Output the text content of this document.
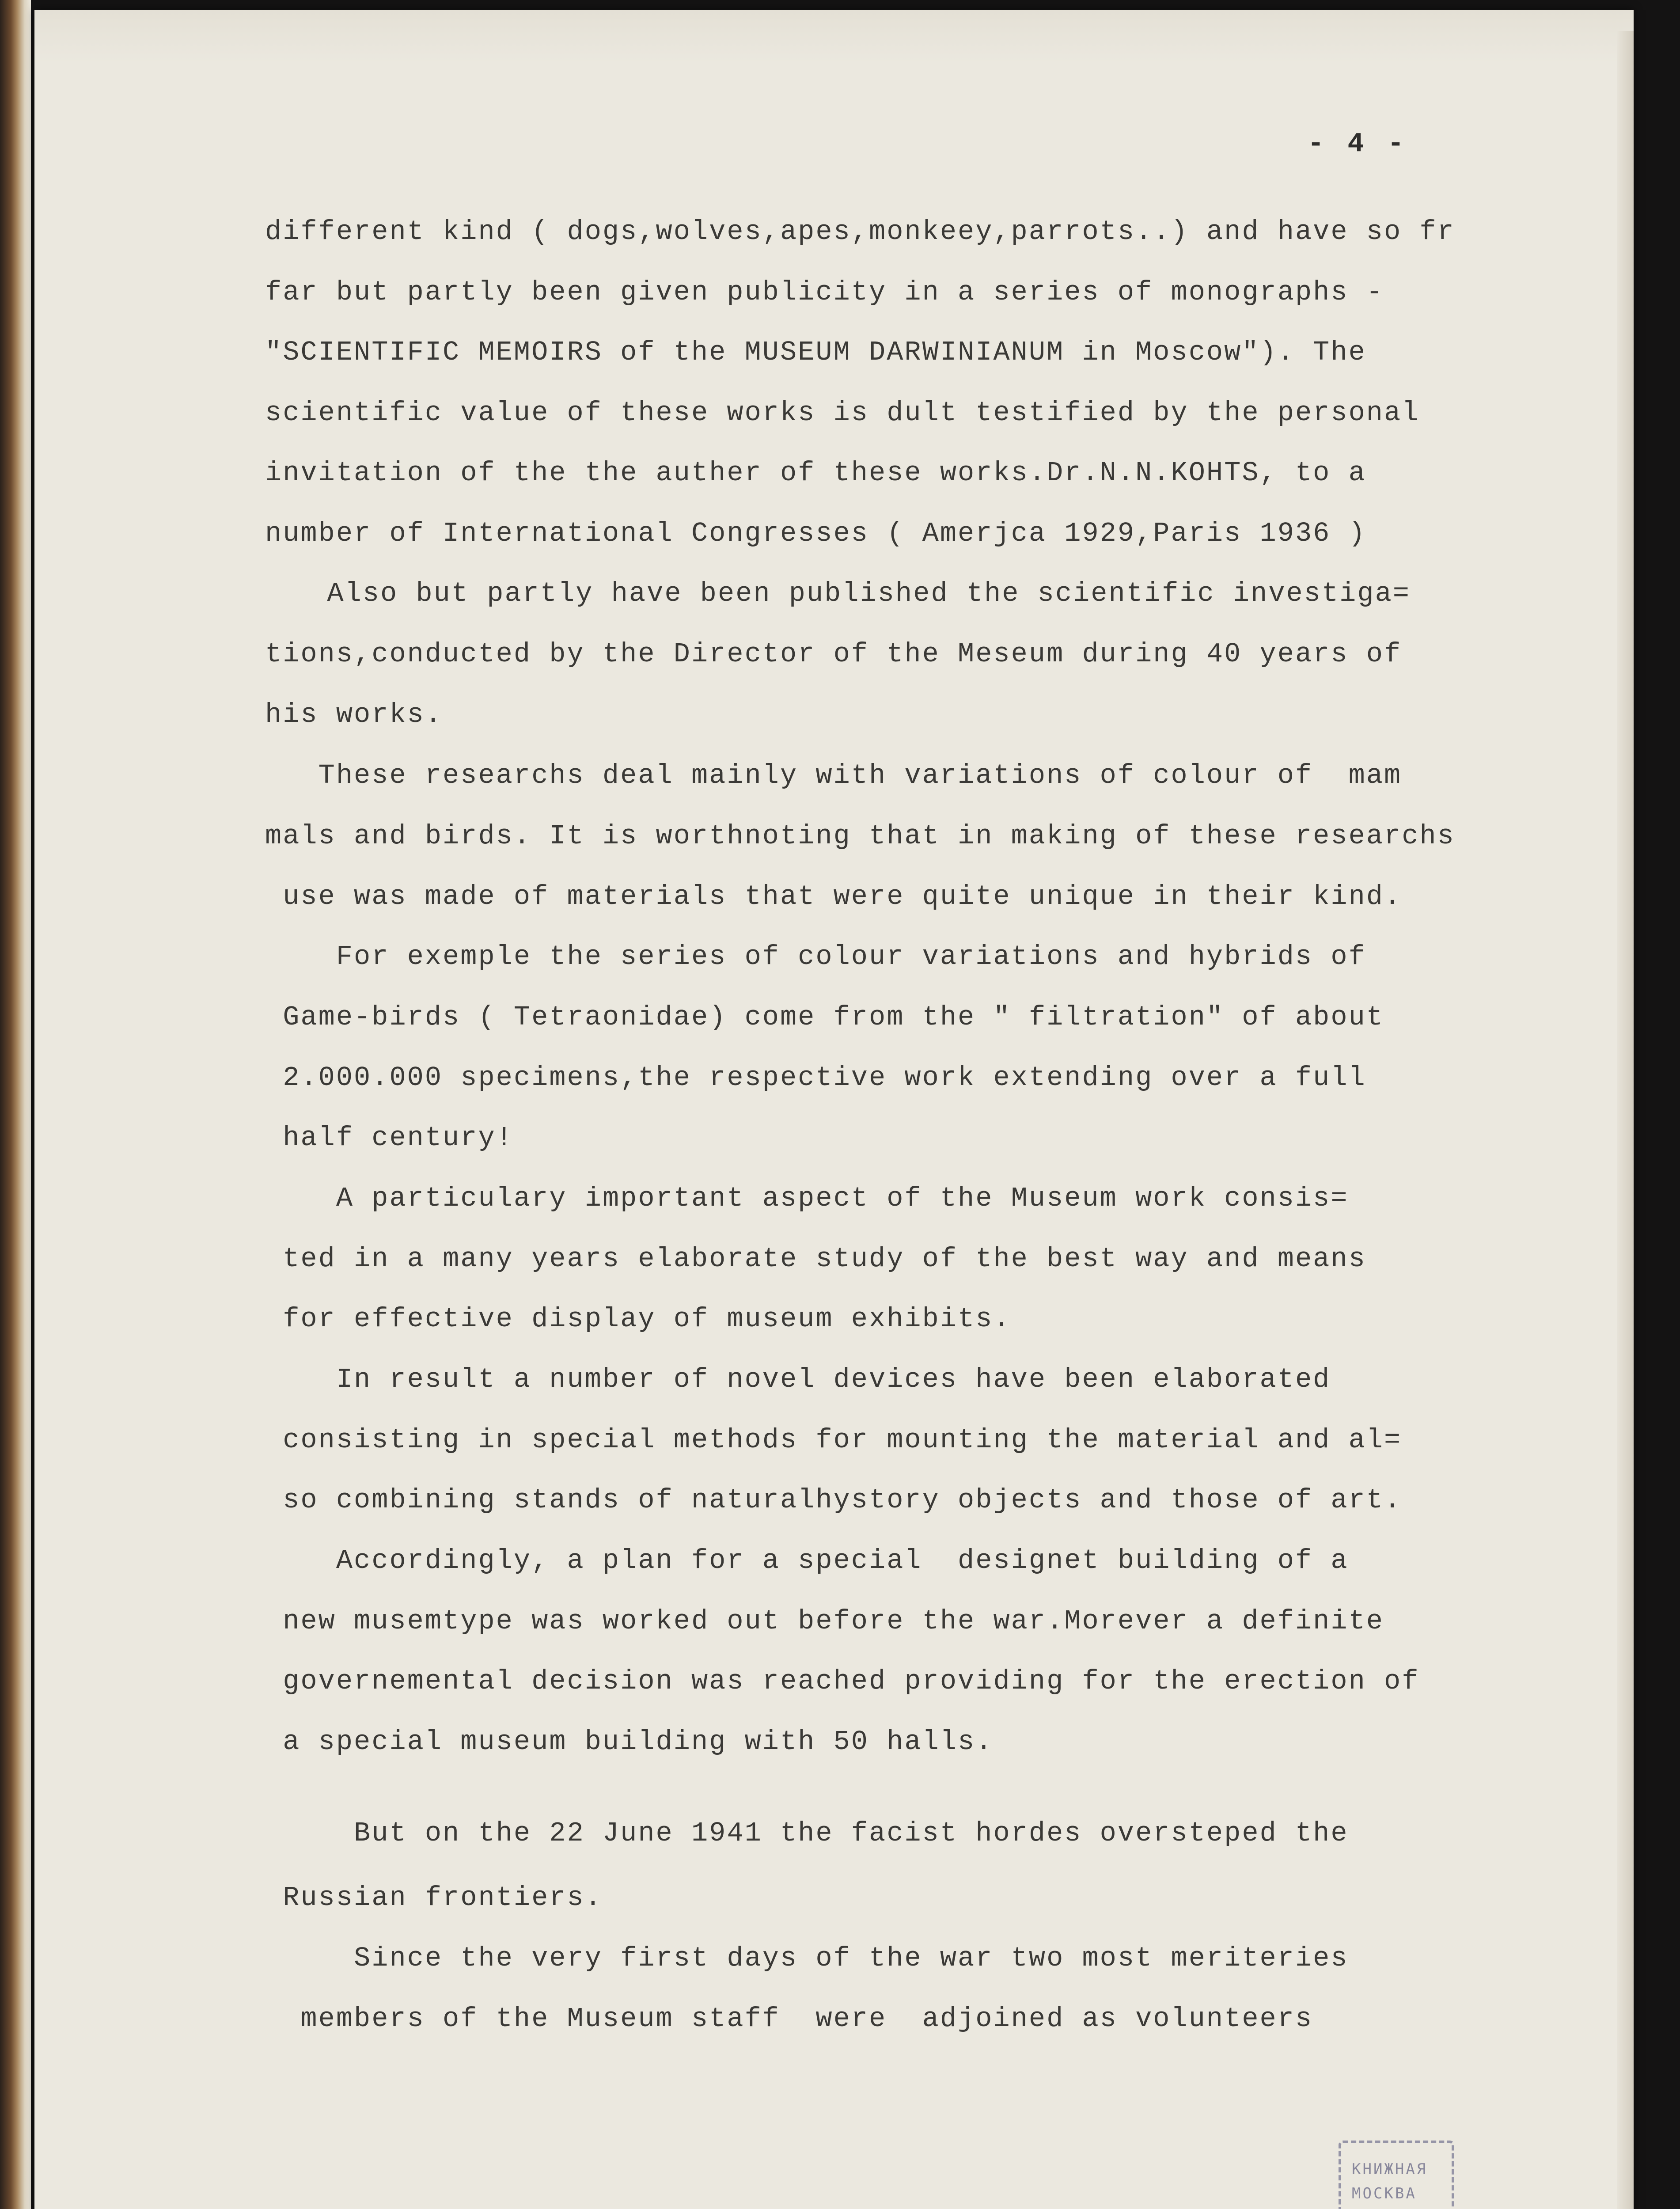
- 4 -
different kind ( dogs,wolves,apes,monkeey,parrots..) and have so fr
far but partly been given publicity in a series of monographs -
"SCIENTIFIC MEMOIRS of the MUSEUM DARWINIANUM in Moscow"). The
scientific value of these works is dult testified by the personal
invitation of the the auther of these works.Dr.N.N.KOHTS, to a
number of International Congresses ( Amerjca 1929,Paris 1936 )
Also but partly have been published the scientific investiga=
tions,conducted by the Director of the Meseum during 40 years of
his works.
These researchs deal mainly with variations of colour of  mam
mals and birds. It is worthnoting that in making of these researchs
use was made of materials that were quite unique in their kind.
For exemple the series of colour variations and hybrids of
Game-birds ( Tetraonidae) come from the " filtration" of about
2.000.000 specimens,the respective work extending over a full
half century!
A particulary important aspect of the Museum work consis=
ted in a many years elaborate study of the best way and means
for effective display of museum exhibits.
In result a number of novel devices have been elaborated
consisting in special methods for mounting the material and al=
so combining stands of naturalhystory objects and those of art.
Accordingly, a plan for a special  designet building of a
new musemtype was worked out before the war.Morever a definite
governemental decision was reached providing for the erection of
a special museum building with 50 halls.
But on the 22 June 1941 the facist hordes oversteped the
Russian frontiers.
Since the very first days of the war two most meriteries
members of the Museum staff  were  adjoined as volunteers
КНИЖНАЯ
МОСКВА
